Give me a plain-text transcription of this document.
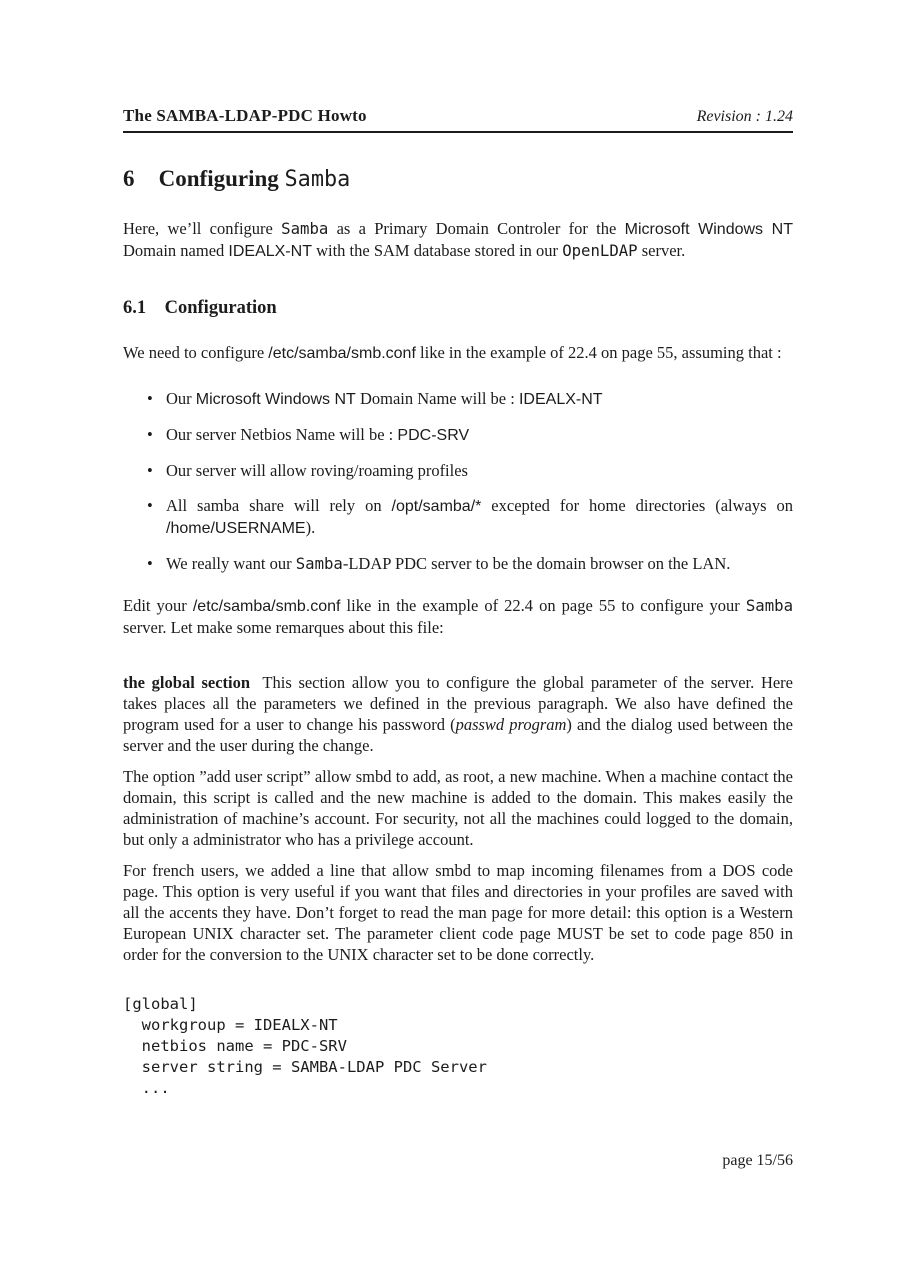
The SAMBA-LDAP-PDC Howto	Revision : 1.24
6 Configuring Samba

Here, we’ll configure Samba as a Primary Domain Controler for the Microsoft Windows NT Domain named IDEALX-NT with the SAM database stored in our OpenLDAP server.

6.1 Configuration

We need to configure /etc/samba/smb.conf like in the example of 22.4 on page 55, assuming that :

• Our Microsoft Windows NT Domain Name will be : IDEALX-NT
• Our server Netbios Name will be : PDC-SRV
• Our server will allow roving/roaming profiles
• All samba share will rely on /opt/samba/* excepted for home directories (always on /home/USERNAME).
• We really want our Samba-LDAP PDC server to be the domain browser on the LAN.

Edit your /etc/samba/smb.conf like in the example of 22.4 on page 55 to configure your Samba server. Let make some remarques about this file:

the global section This section allow you to configure the global parameter of the server. Here takes places all the parameters we defined in the previous paragraph. We also have defined the program used for a user to change his password (passwd program) and the dialog used between the server and the user during the change.

The option ”add user script” allow smbd to add, as root, a new machine. When a machine contact the domain, this script is called and the new machine is added to the domain. This makes easily the administration of machine’s account. For security, not all the machines could logged to the domain, but only a administrator who has a privilege account.

For french users, we added a line that allow smbd to map incoming filenames from a DOS code page. This option is very useful if you want that files and directories in your profiles are saved with all the accents they have. Don’t forget to read the man page for more detail: this option is a Western European UNIX character set. The parameter client code page MUST be set to code page 850 in order for the conversion to the UNIX character set to be done correctly.

[global]
workgroup = IDEALX-NT
netbios name = PDC-SRV
server string = SAMBA-LDAP PDC Server
...
page 15/56
